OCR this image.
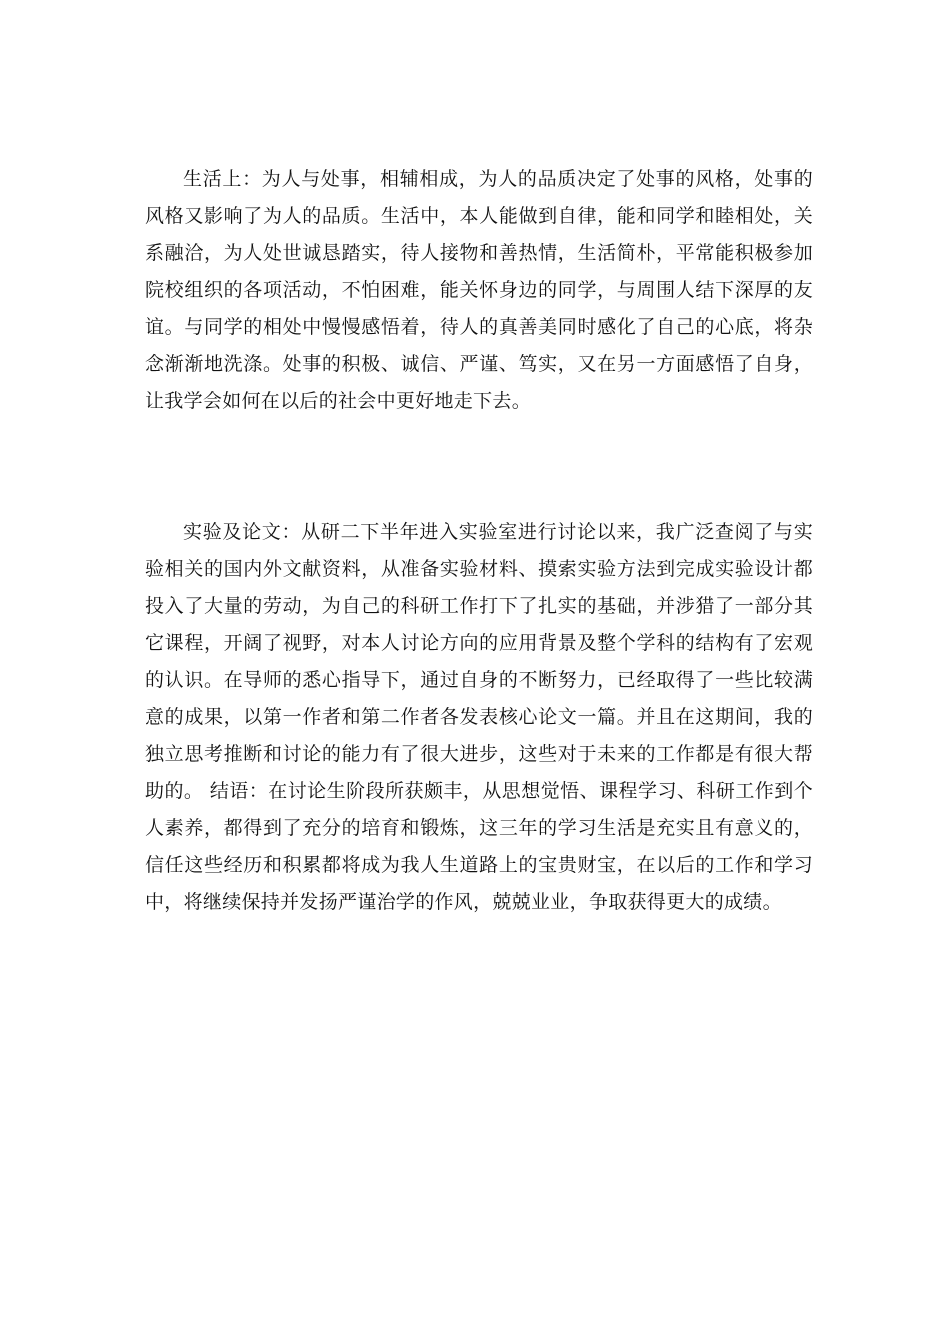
生活上：为人与处事，相辅相成，为人的品质决定了处事的风格，处事的风格又影响了为人的品质。生活中，本人能做到自律，能和同学和睦相处，关系融洽，为人处世诚恳踏实，待人接物和善热情，生活简朴，平常能积极参加院校组织的各项活动，不怕困难，能关怀身边的同学，与周围人结下深厚的友谊。与同学的相处中慢慢感悟着，待人的真善美同时感化了自己的心底，将杂念渐渐地洗涤。处事的积极、诚信、严谨、笃实，又在另一方面感悟了自身，让我学会如何在以后的社会中更好地走下去。

实验及论文：从研二下半年进入实验室进行讨论以来，我广泛查阅了与实验相关的国内外文献资料，从准备实验材料、摸索实验方法到完成实验设计都投入了大量的劳动，为自己的科研工作打下了扎实的基础，并涉猎了一部分其它课程，开阔了视野，对本人讨论方向的应用背景及整个学科的结构有了宏观的认识。在导师的悉心指导下，通过自身的不断努力，已经取得了一些比较满意的成果，以第一作者和第二作者各发表核心论文一篇。并且在这期间，我的独立思考推断和讨论的能力有了很大进步，这些对于未来的工作都是有很大帮助的。 结语：在讨论生阶段所获颇丰，从思想觉悟、课程学习、科研工作到个人素养，都得到了充分的培育和锻炼，这三年的学习生活是充实且有意义的，信任这些经历和积累都将成为我人生道路上的宝贵财宝，在以后的工作和学习中，将继续保持并发扬严谨治学的作风，兢兢业业，争取获得更大的成绩。
